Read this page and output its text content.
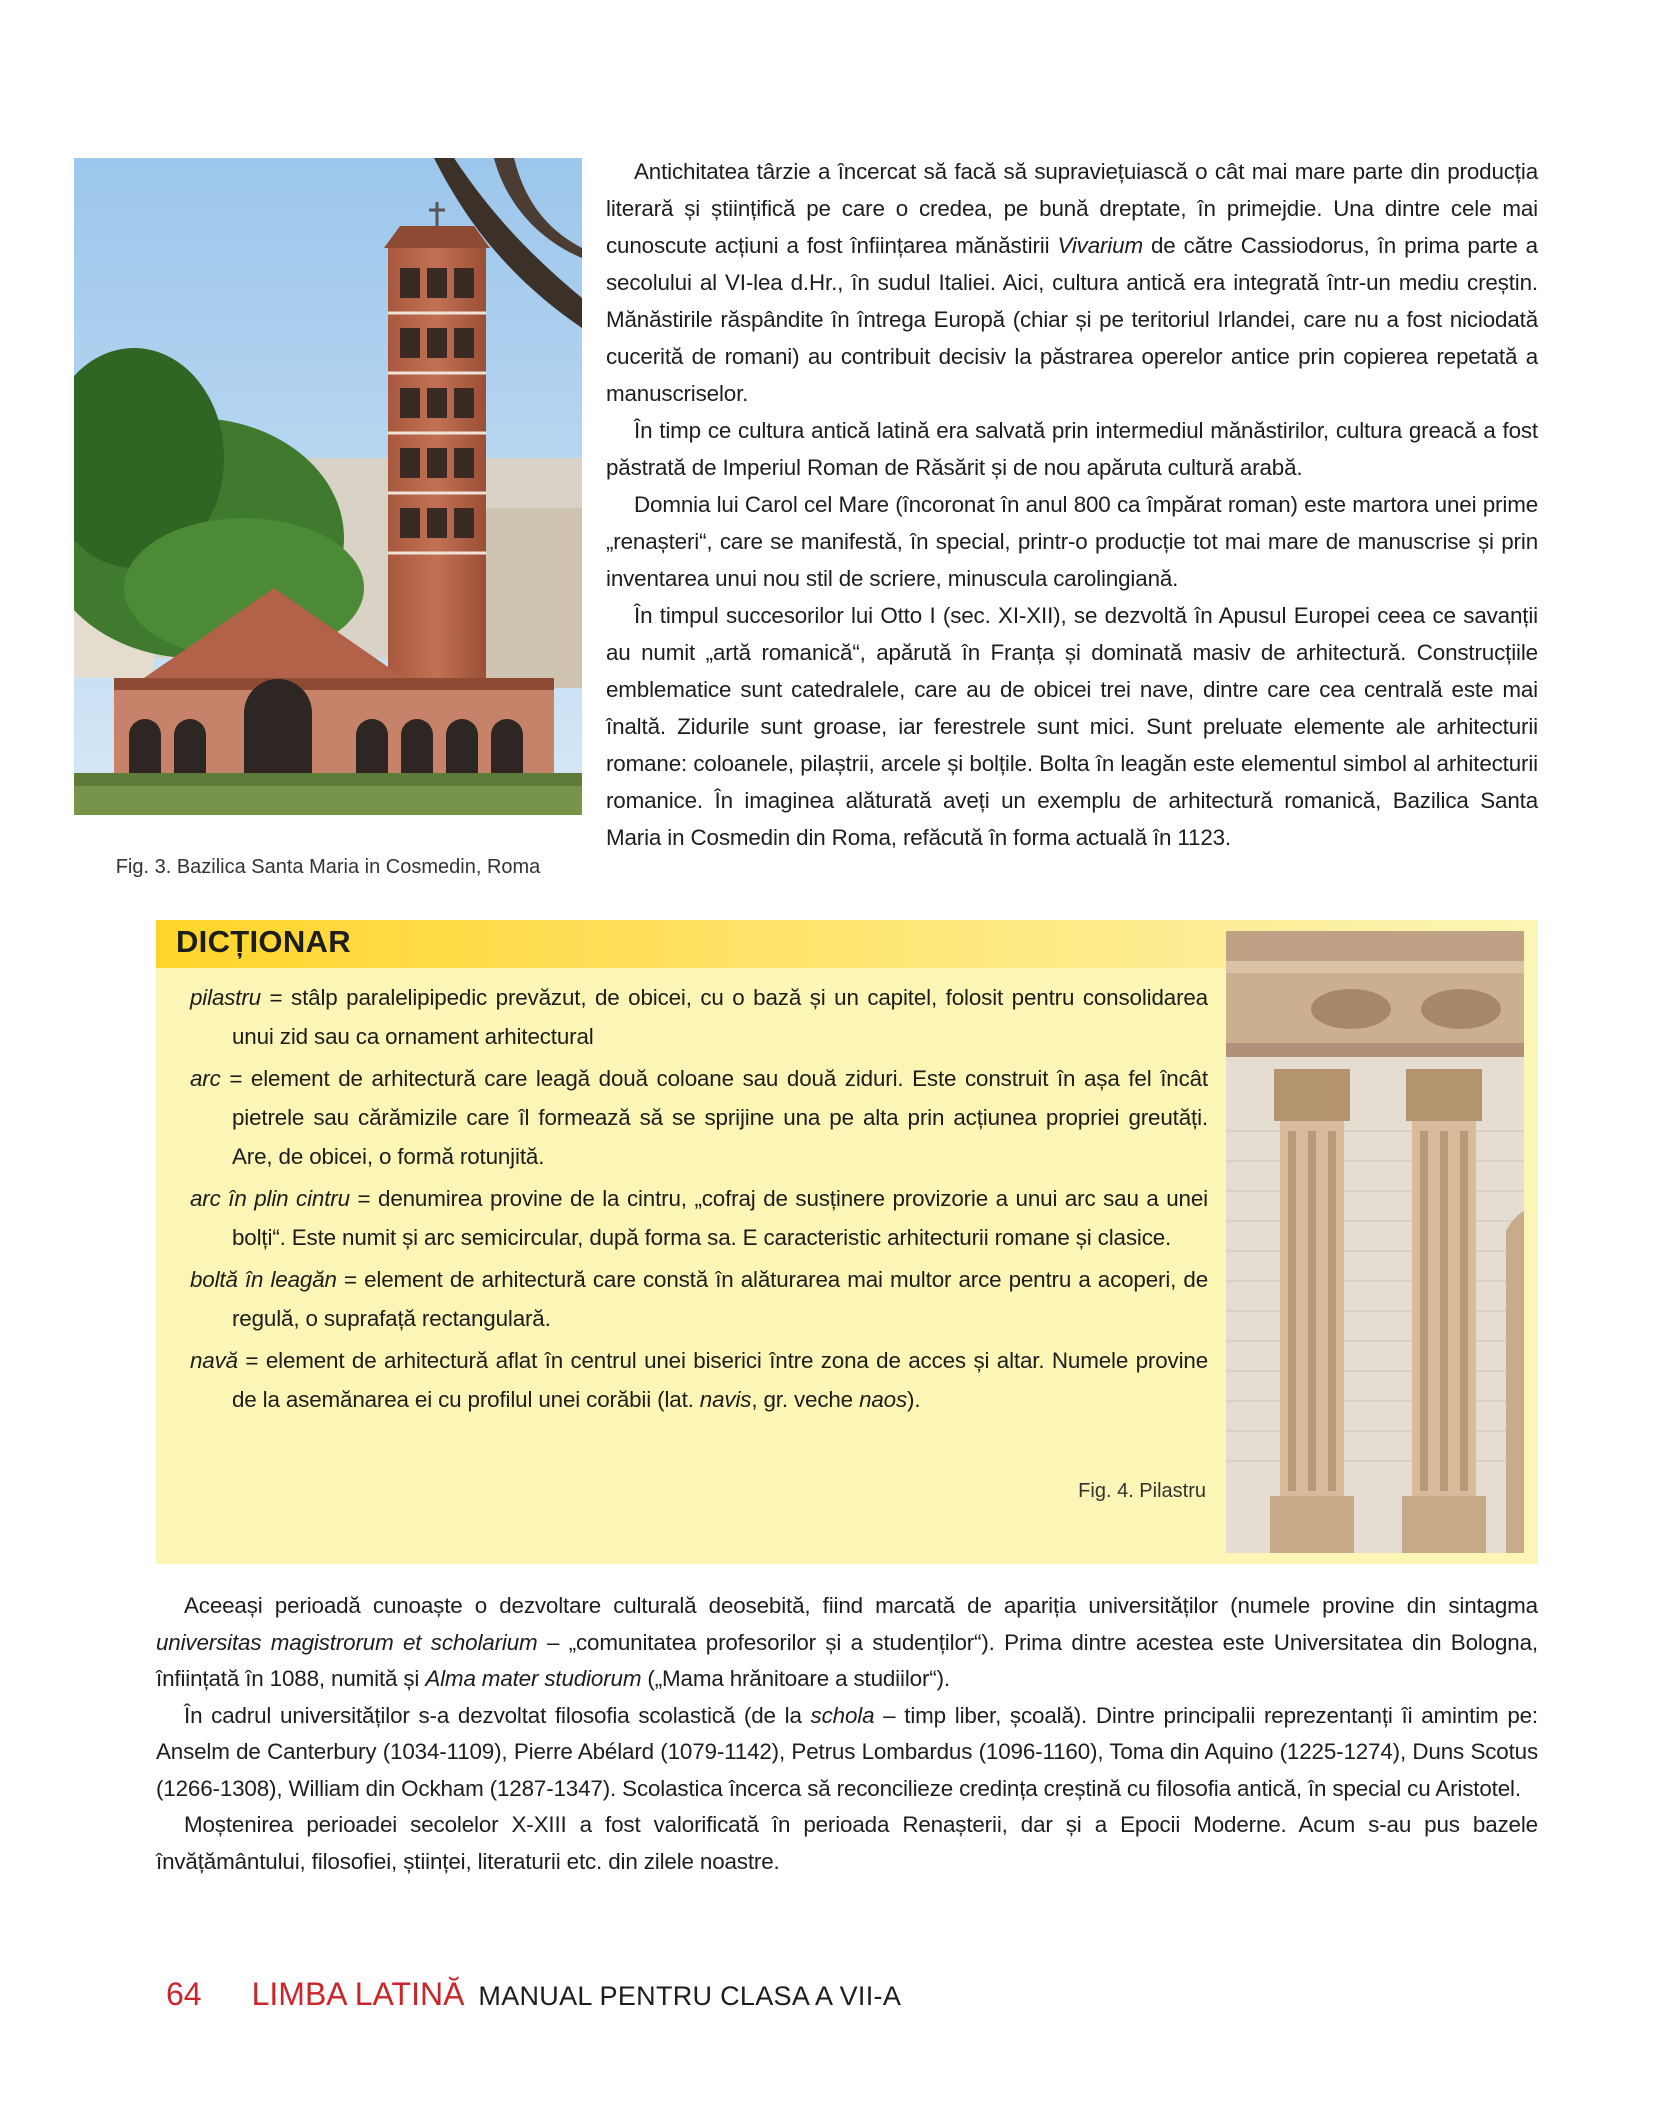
Antichitatea târzie a încercat să facă să supraviețuiască o cât mai mare parte din producția literară și științifică pe care o credea, pe bună dreptate, în primejdie. Una dintre cele mai cunoscute acțiuni a fost înființarea mănăstirii Vivarium de către Cassiodorus, în prima parte a secolului al VI-lea d.Hr., în sudul Italiei. Aici, cultura antică era integrată într-un mediu creștin. Mănăstirile răspândite în întrega Europă (chiar și pe teritoriul Irlandei, care nu a fost niciodată cucerită de romani) au contribuit decisiv la păstrarea operelor antice prin copierea repetată a manuscriselor.

În timp ce cultura antică latină era salvată prin intermediul mănăstirilor, cultura greacă a fost păstrată de Imperiul Roman de Răsărit și de nou apăruta cultură arabă.

Domnia lui Carol cel Mare (încoronat în anul 800 ca împărat roman) este martora unei prime „renașteri“, care se manifestă, în special, printr-o producție tot mai mare de manuscrise și prin inventarea unui nou stil de scriere, minuscula carolingiană.

În timpul succesorilor lui Otto I (sec. XI-XII), se dezvoltă în Apusul Europei ceea ce savanții au numit „artă romanică“, apărută în Franța și dominată masiv de arhitectură. Construcțiile emblematice sunt catedralele, care au de obicei trei nave, dintre care cea centrală este mai înaltă. Zidurile sunt groase, iar ferestrele sunt mici. Sunt preluate elemente ale arhitecturii romane: coloanele, pilaștrii, arcele și bolțile. Bolta în leagăn este elementul simbol al arhitecturii romanice. În imaginea alăturată aveți un exemplu de arhitectură romanică, Bazilica Santa Maria in Cosmedin din Roma, refăcută în forma actuală în 1123.

Fig. 3. Bazilica Santa Maria in Cosmedin, Roma
DICȚIONAR

pilastru = stâlp paralelipipedic prevăzut, de obicei, cu o bază și un capitel, folosit pentru consolidarea unui zid sau ca ornament arhitectural

arc = element de arhitectură care leagă două coloane sau două ziduri. Este construit în așa fel încât pietrele sau cărămizile care îl formează să se sprijine una pe alta prin acțiunea propriei greutăți. Are, de obicei, o formă rotunjită.

arc în plin cintru = denumirea provine de la cintru, „cofraj de susținere provizorie a unui arc sau a unei bolți“. Este numit și arc semicircular, după forma sa. E caracteristic arhitecturii romane și clasice.

boltă în leagăn = element de arhitectură care constă în alăturarea mai multor arce pentru a acoperi, de regulă, o suprafață rectangulară.

navă = element de arhitectură aflat în centrul unei biserici între zona de acces și altar. Numele provine de la asemănarea ei cu profilul unei corăbii (lat. navis, gr. veche naos).

Fig. 4. Pilastru

Aceeași perioadă cunoaște o dezvoltare culturală deosebită, fiind marcată de apariția universităților (numele provine din sintagma universitas magistrorum et scholarium – „comunitatea profesorilor și a studenților“). Prima dintre acestea este Universitatea din Bologna, înființată în 1088, numită și Alma mater studiorum („Mama hrănitoare a studiilor“).

În cadrul universităților s-a dezvoltat filosofia scolastică (de la schola – timp liber, școală). Dintre principalii reprezentanți îi amintim pe: Anselm de Canterbury (1034-1109), Pierre Abélard (1079-1142), Petrus Lombardus (1096-1160), Toma din Aquino (1225-1274), Duns Scotus (1266-1308), William din Ockham (1287-1347). Scolastica încerca să reconcilieze credința creștină cu filosofia antică, în special cu Aristotel.

Moștenirea perioadei secolelor X-XIII a fost valorificată în perioada Renașterii, dar și a Epocii Moderne. Acum s-au pus bazele învățământului, filosofiei, științei, literaturii etc. din zilele noastre.

64 LIMBA LATINĂ MANUAL PENTRU CLASA A VII-A
